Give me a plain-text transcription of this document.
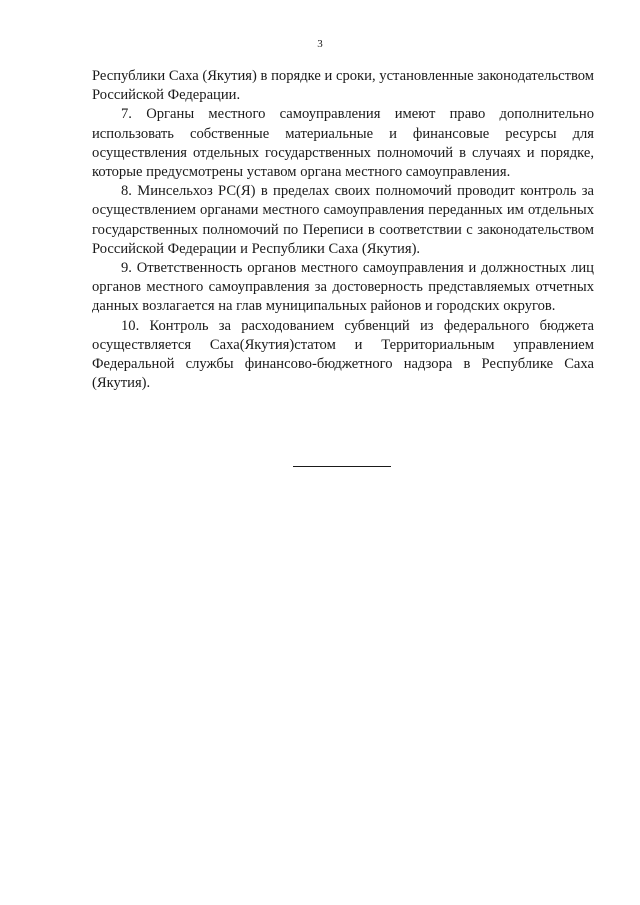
3

Республики Саха (Якутия) в порядке и сроки, установленные законодательством Российской Федерации.

7. Органы местного самоуправления имеют право дополнительно использовать собственные материальные и финансовые ресурсы для осуществления отдельных государственных полномочий в случаях и порядке, которые предусмотрены уставом органа местного самоуправления.

8. Минсельхоз РС(Я) в пределах своих полномочий проводит контроль за осуществлением органами местного самоуправления переданных им отдельных государственных полномочий по Переписи в соответствии с законодательством Российской Федерации и Республики Саха (Якутия).

9. Ответственность органов местного самоуправления и должностных лиц органов местного самоуправления за достоверность представляемых отчетных данных возлагается на глав муниципальных районов и городских округов.

10. Контроль за расходованием субвенций из федерального бюджета осуществляется Саха(Якутия)статом и Территориальным управлением Федеральной службы финансово-бюджетного надзора в Республике Саха (Якутия).
